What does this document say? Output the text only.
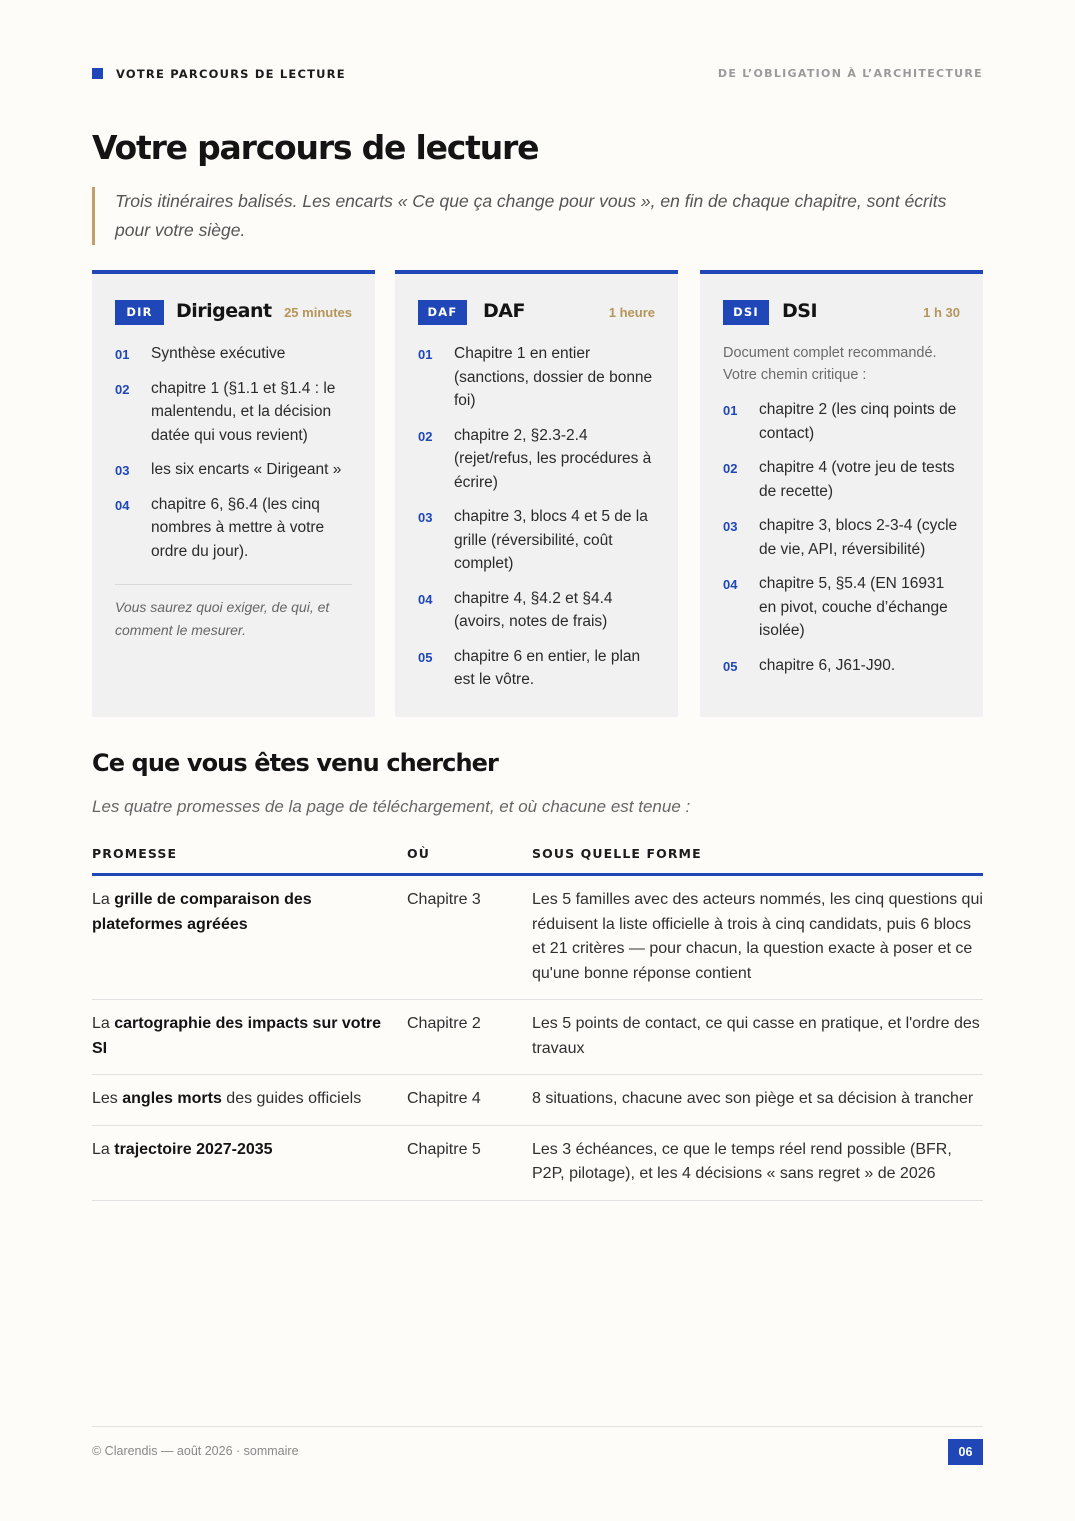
VOTRE PARCOURS DE LECTURE	DE L’OBLIGATION À L’ARCHITECTURE
Votre parcours de lecture

Trois itinéraires balisés. Les encarts « Ce que ça change pour vous », en fin de chaque chapitre, sont écrits pour votre siège.

DIR	Dirigeant 25 minutes
01 Synthèse exécutive
02 chapitre 1 (§1.1 et §1.4 : le malentendu, et la décision datée qui vous revient)
03 les six encarts « Dirigeant »
04 chapitre 6, §6.4 (les cinq nombres à mettre à votre ordre du jour).

Vous saurez quoi exiger, de qui, et comment le mesurer.

DAF	DAF	1 heure
01 Chapitre 1 en entier (sanctions, dossier de bonne foi)
02 chapitre 2, §2.3-2.4 (rejet/refus, les procédures à écrire)
03 chapitre 3, blocs 4 et 5 de la grille (réversibilité, coût complet)
04 chapitre 4, §4.2 et §4.4 (avoirs, notes de frais)
05 chapitre 6 en entier, le plan est le vôtre.
DSI	DSI	1 h 30

Document complet recommandé. Votre chemin critique :

01 chapitre 2 (les cinq points de contact)
02 chapitre 4 (votre jeu de tests de recette)
03 chapitre 3, blocs 2-3-4 (cycle de vie, API, réversibilité)
04 chapitre 5, §5.4 (EN 16931 en pivot, couche d’échange isolée)
05 chapitre 6, J61-J90.
Ce que vous êtes venu chercher

Les quatre promesses de la page de téléchargement, et où chacune est tenue :

PROMESSE	OÙ	SOUS QUELLE FORME
La grille de comparaison des plateformes agréées	Chapitre 3	Les 5 familles avec des acteurs nommés, les cinq questions qui réduisent la liste officielle à trois à cinq candidats, puis 6 blocs et 21 critères — pour chacun, la question exacte à poser et ce qu'une bonne réponse contient
La cartographie des impacts sur votre SI	Chapitre 2	Les 5 points de contact, ce qui casse en pratique, et l'ordre des travaux
Les angles morts des guides officiels	Chapitre 4	8 situations, chacune avec son piège et sa décision à trancher
La trajectoire 2027-2035	Chapitre 5	Les 3 échéances, ce que le temps réel rend possible (BFR, P2P, pilotage), et les 4 décisions « sans regret » de 2026
© Clarendis — août 2026 · sommaire	06
